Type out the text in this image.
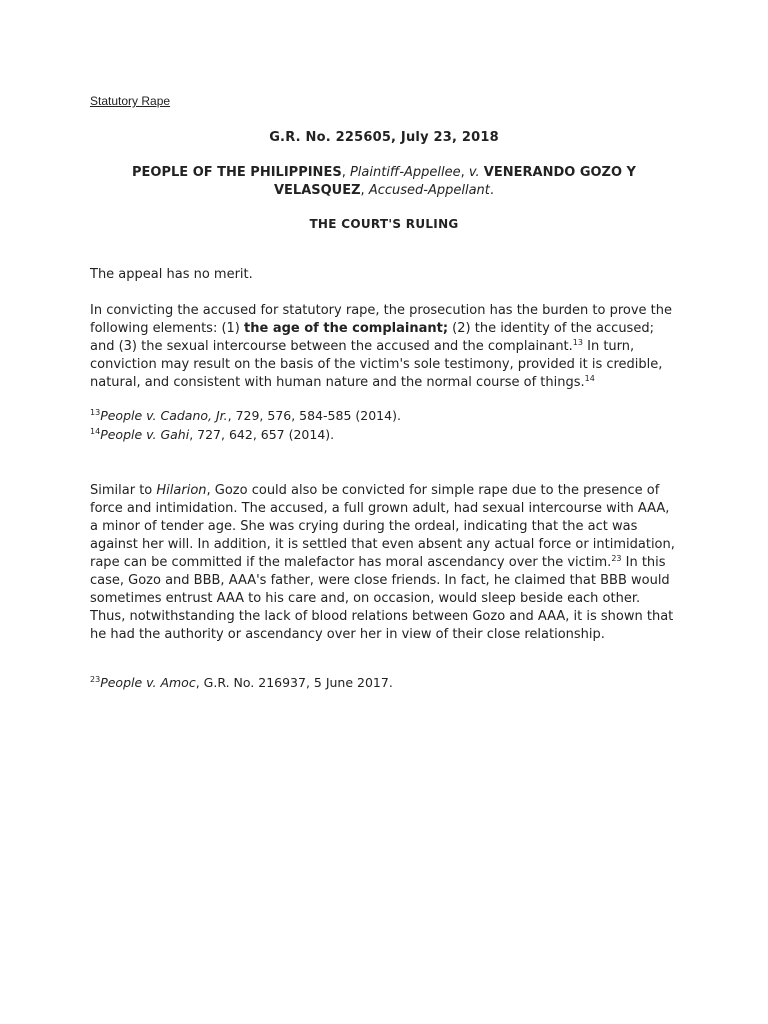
Statutory Rape
G.R. No. 225605, July 23, 2018
PEOPLE OF THE PHILIPPINES, Plaintiff-Appellee, v. VENERANDO GOZO Y
VELASQUEZ, Accused-Appellant.
THE COURT'S RULING
The appeal has no merit.
In convicting the accused for statutory rape, the prosecution has the burden to prove the following elements: (1) the age of the complainant; (2) the identity of the accused; and (3) the sexual intercourse between the accused and the complainant.$^{13}$ In turn, conviction may result on the basis of the victim's sole testimony, provided it is credible, natural, and consistent with human nature and the normal course of things.$^{14}$
$^{13}$People v. Cadano, Jr., 729, 576, 584-585 (2014).
$^{14}$People v. Gahi, 727, 642, 657 (2014).
Similar to Hilarion, Gozo could also be convicted for simple rape due to the presence of force and intimidation. The accused, a full grown adult, had sexual intercourse with AAA, a minor of tender age. She was crying during the ordeal, indicating that the act was against her will. In addition, it is settled that even absent any actual force or intimidation, rape can be committed if the malefactor has moral ascendancy over the victim.$^{23}$ In this case, Gozo and BBB, AAA's father, were close friends. In fact, he claimed that BBB would sometimes entrust AAA to his care and, on occasion, would sleep beside each other. Thus, notwithstanding the lack of blood relations between Gozo and AAA, it is shown that he had the authority or ascendancy over her in view of their close relationship.
$^{23}$People v. Amoc, G.R. No. 216937, 5 June 2017.
